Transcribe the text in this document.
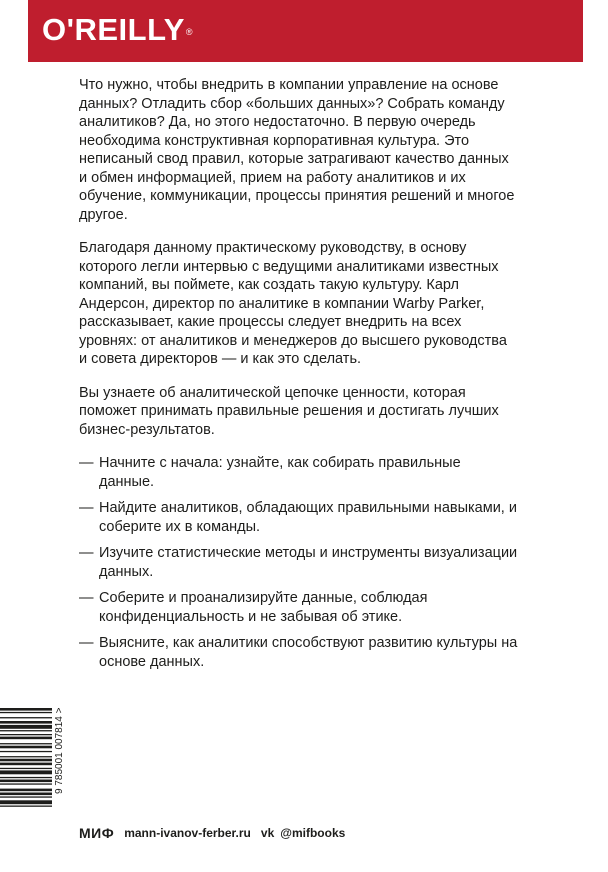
O'REILLY®

Что нужно, чтобы внедрить в компании управление на основе данных? Отладить сбор «больших данных»? Собрать команду аналитиков? Да, но этого недостаточно. В первую очередь необходима конструктивная корпоративная культура. Это неписаный свод правил, которые затрагивают качество данных и обмен информацией, прием на работу аналитиков и их обучение, коммуникации, процессы принятия решений и многое другое.

Благодаря данному практическому руководству, в основу которого легли интервью с ведущими аналитиками известных компаний, вы поймете, как создать такую культуру. Карл Андерсон, директор по аналитике в компании Warby Parker, рассказывает, какие процессы следует внедрить на всех уровнях: от аналитиков и менеджеров до высшего руководства и совета директоров — и как это сделать.

Вы узнаете об аналитической цепочке ценности, которая поможет принимать правильные решения и достигать лучших бизнес-результатов.

— Начните с начала: узнайте, как собирать правильные данные.
— Найдите аналитиков, обладающих правильными навыками, и соберите их в команды.
— Изучите статистические методы и инструменты визуализации данных.
— Соберите и проанализируйте данные, соблюдая конфиденциальность и не забывая об этике.
— Выясните, как аналитики способствуют развитию культуры на основе данных.
9 785001 007814 >
МИФ mann-ivanov-ferber.ru vk @mifbooks
